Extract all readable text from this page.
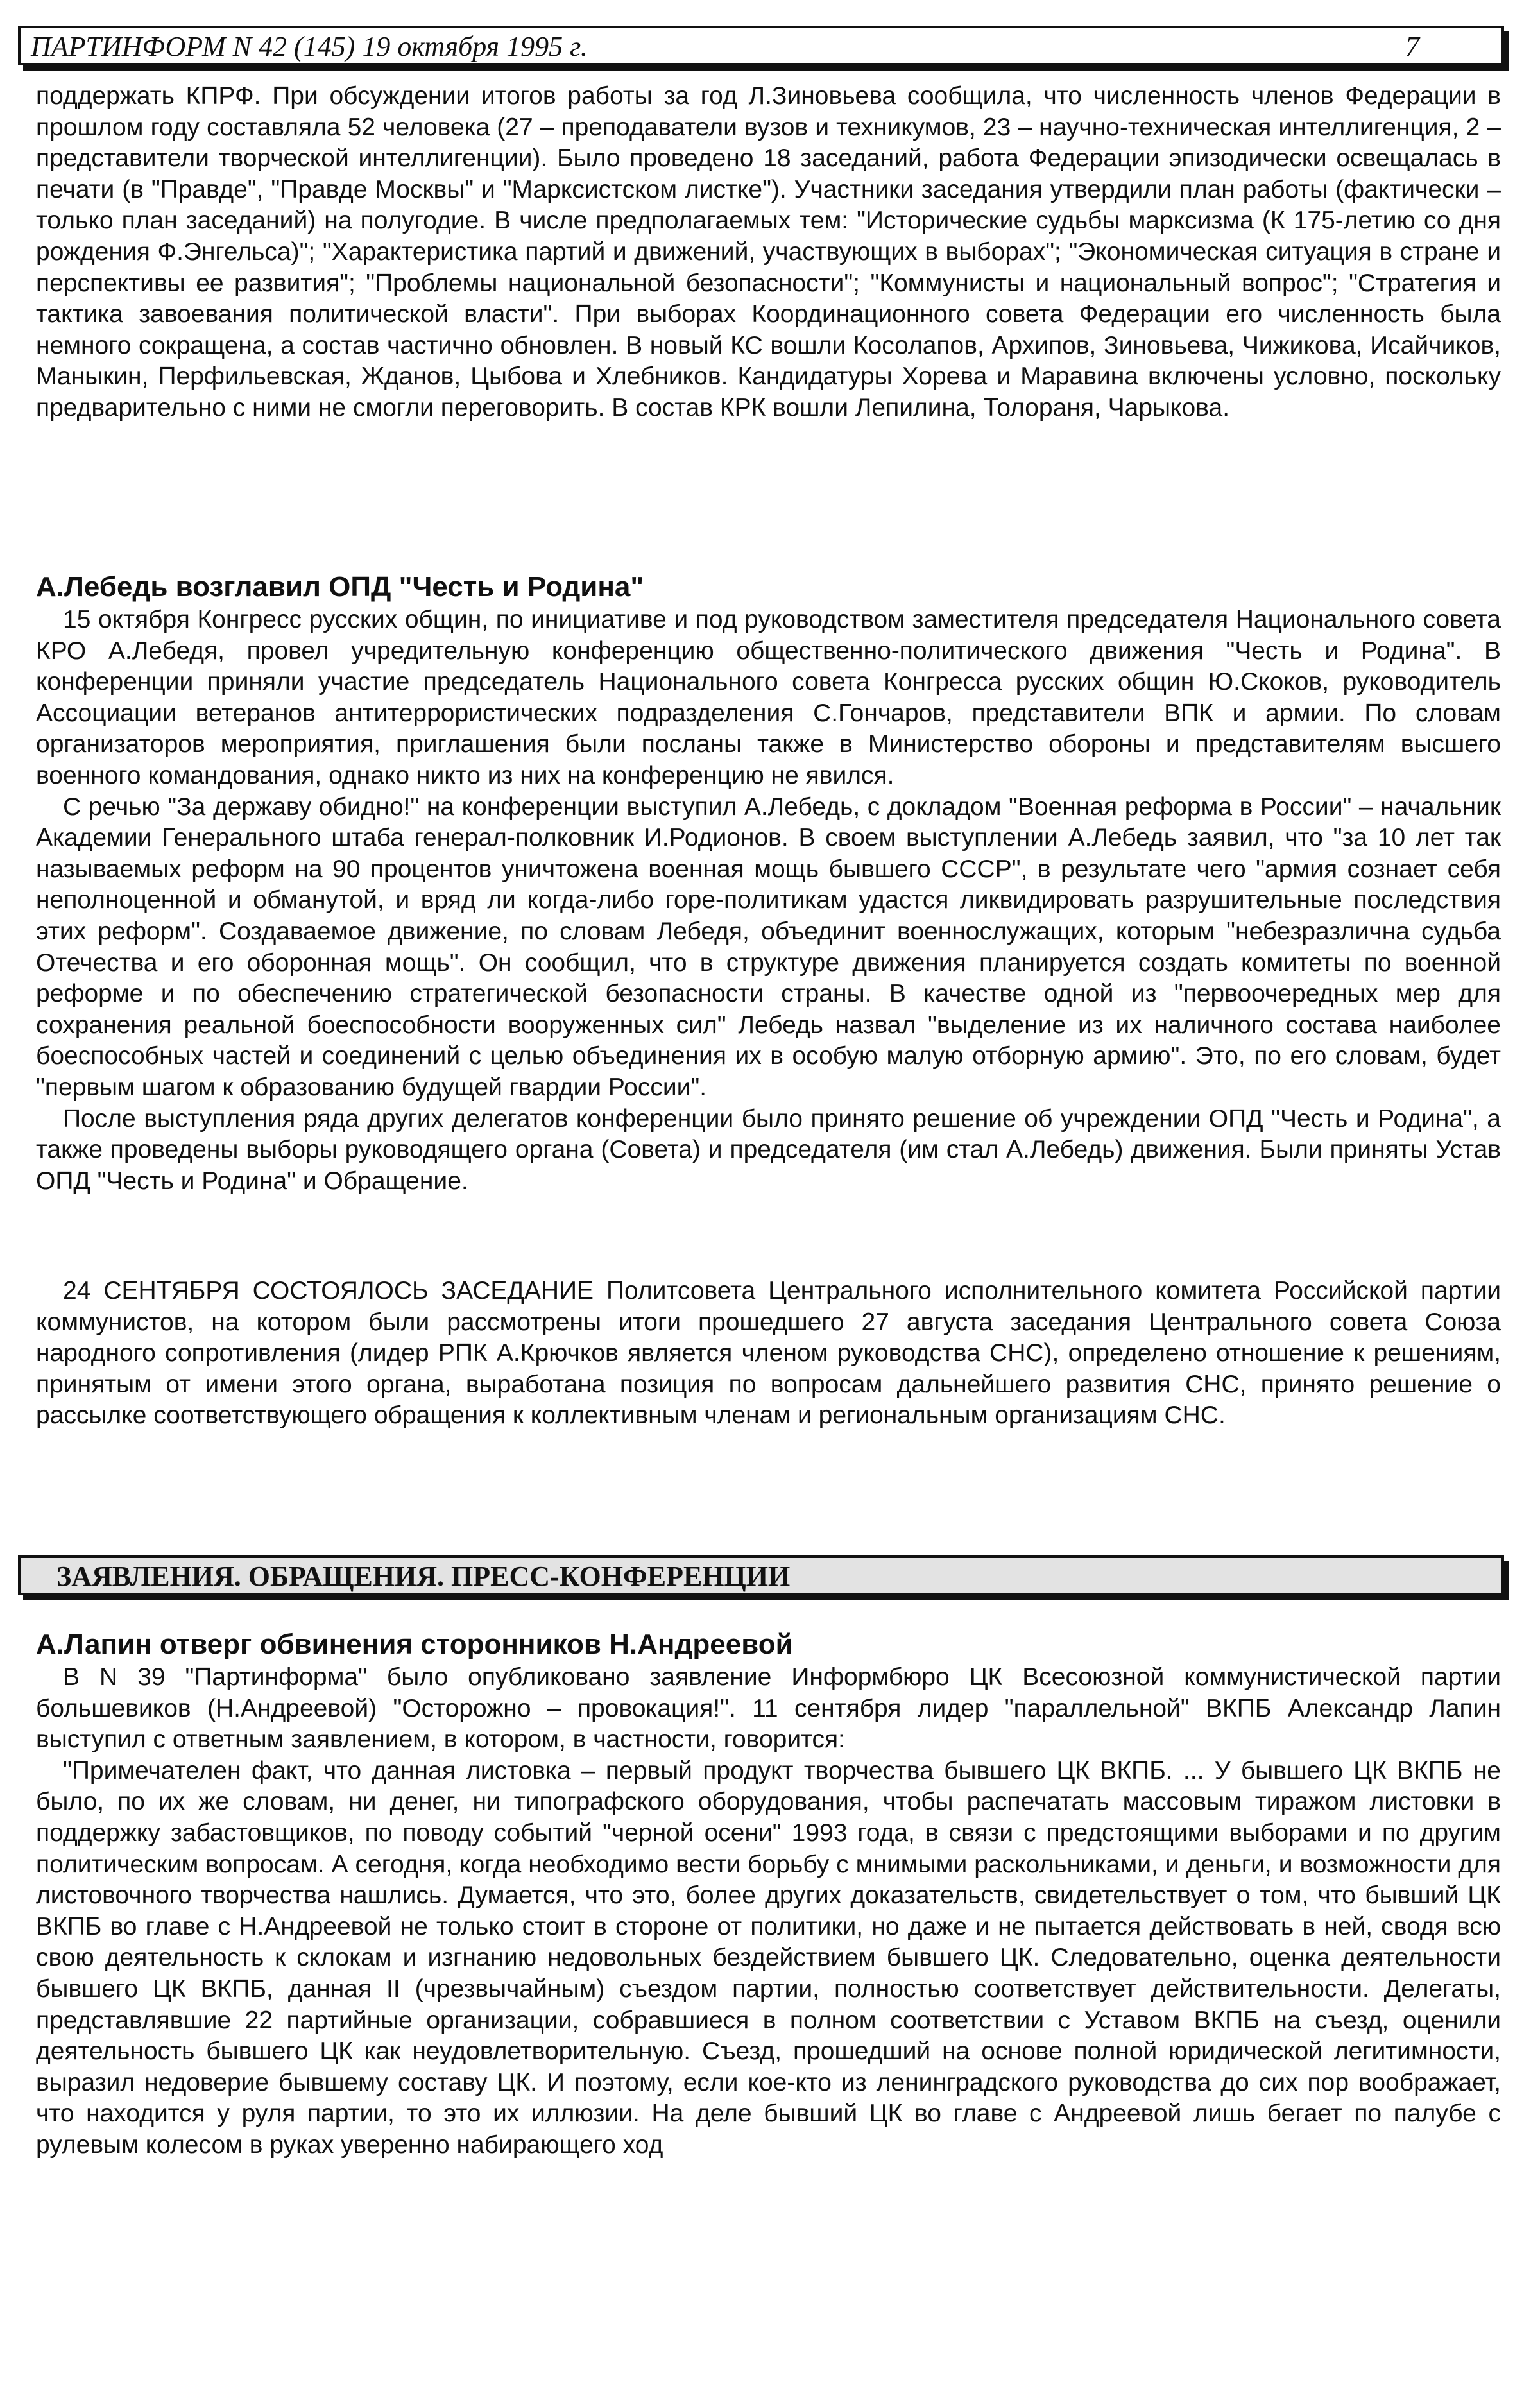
ПАРТИНФОРМ N 42 (145) 19 октября 1995 г.	7

поддержать КПРФ. При обсуждении итогов работы за год Л.Зиновьева сообщила, что численность членов Федерации в прошлом году составляла 52 человека (27 – преподаватели вузов и техникумов, 23 – научно-техническая интеллигенция, 2 – представители творческой интеллигенции). Было проведено 18 заседаний, работа Федерации эпизодически освещалась в печати (в "Правде", "Правде Москвы" и "Марксистском листке"). Участники заседания утвердили план работы (фактически – только план заседаний) на полугодие. В числе предполагаемых тем: "Исторические судьбы марксизма (К 175-летию со дня рождения Ф.Энгельса)"; "Характеристика партий и движений, участвующих в выборах"; "Экономическая ситуация в стране и перспективы ее развития"; "Проблемы национальной безопасности"; "Коммунисты и национальный вопрос"; "Стратегия и тактика завоевания политической власти". При выборах Координационного совета Федерации его численность была немного сокращена, а состав частично обновлен. В новый КС вошли Косолапов, Архипов, Зиновьева, Чижикова, Исайчиков, Маныкин, Перфильевская, Жданов, Цыбова и Хлебников. Кандидатуры Хорева и Маравина включены условно, поскольку предварительно с ними не смогли переговорить. В состав КРК вошли Лепилина, Толораня, Чарыкова.

А.Лебедь возглавил ОПД "Честь и Родина"

15 октября Конгресс русских общин, по инициативе и под руководством заместителя председателя Национального совета КРО А.Лебедя, провел учредительную конференцию общественно-политического движения "Честь и Родина". В конференции приняли участие председатель Национального совета Конгресса русских общин Ю.Скоков, руководитель Ассоциации ветеранов антитеррористических подразделения С.Гончаров, представители ВПК и армии. По словам организаторов мероприятия, приглашения были посланы также в Министерство обороны и представителям высшего военного командования, однако никто из них на конференцию не явился.

С речью "За державу обидно!" на конференции выступил А.Лебедь, с докладом "Военная реформа в России" – начальник Академии Генерального штаба генерал-полковник И.Родионов. В своем выступлении А.Лебедь заявил, что "за 10 лет так называемых реформ на 90 процентов уничтожена военная мощь бывшего СССР", в результате чего "армия сознает себя неполноценной и обманутой, и вряд ли когда-либо горе-политикам удастся ликвидировать разрушительные последствия этих реформ". Создаваемое движение, по словам Лебедя, объединит военнослужащих, которым "небезразлична судьба Отечества и его оборонная мощь". Он сообщил, что в структуре движения планируется создать комитеты по военной реформе и по обеспечению стратегической безопасности страны. В качестве одной из "первоочередных мер для сохранения реальной боеспособности вооруженных сил" Лебедь назвал "выделение из их наличного состава наиболее боеспособных частей и соединений с целью объединения их в особую малую отборную армию". Это, по его словам, будет "первым шагом к образованию будущей гвардии России".

После выступления ряда других делегатов конференции было принято решение об учреждении ОПД "Честь и Родина", а также проведены выборы руководящего органа (Совета) и председателя (им стал А.Лебедь) движения. Были приняты Устав ОПД "Честь и Родина" и Обращение.

24 СЕНТЯБРЯ СОСТОЯЛОСЬ ЗАСЕДАНИЕ Политсовета Центрального исполнительного комитета Российской партии коммунистов, на котором были рассмотрены итоги прошедшего 27 августа заседания Центрального совета Союза народного сопротивления (лидер РПК А.Крючков является членом руководства СНС), определено отношение к решениям, принятым от имени этого органа, выработана позиция по вопросам дальнейшего развития СНС, принято решение о рассылке соответствующего обращения к коллективным членам и региональным организациям СНС.

ЗАЯВЛЕНИЯ. ОБРАЩЕНИЯ. ПРЕСС-КОНФЕРЕНЦИИ

А.Лапин отверг обвинения сторонников Н.Андреевой

В N 39 "Партинформа" было опубликовано заявление Информбюро ЦК Всесоюзной коммунистической партии большевиков (Н.Андреевой) "Осторожно – провокация!". 11 сентября лидер "параллельной" ВКПБ Александр Лапин выступил с ответным заявлением, в котором, в частности, говорится:

"Примечателен факт, что данная листовка – первый продукт творчества бывшего ЦК ВКПБ. ... У бывшего ЦК ВКПБ не было, по их же словам, ни денег, ни типографского оборудования, чтобы распечатать массовым тиражом листовки в поддержку забастовщиков, по поводу событий "черной осени" 1993 года, в связи с предстоящими выборами и по другим политическим вопросам. А сегодня, когда необходимо вести борьбу с мнимыми раскольниками, и деньги, и возможности для листовочного творчества нашлись. Думается, что это, более других доказательств, свидетельствует о том, что бывший ЦК ВКПБ во главе с Н.Андреевой не только стоит в стороне от политики, но даже и не пытается действовать в ней, сводя всю свою деятельность к склокам и изгнанию недовольных бездействием бывшего ЦК. Следовательно, оценка деятельности бывшего ЦК ВКПБ, данная II (чрезвычайным) съездом партии, полностью соответствует действительности. Делегаты, представлявшие 22 партийные организации, собравшиеся в полном соответствии с Уставом ВКПБ на съезд, оценили деятельность бывшего ЦК как неудовлетворительную. Съезд, прошедший на основе полной юридической легитимности, выразил недоверие бывшему составу ЦК. И поэтому, если кое-кто из ленинградского руководства до сих пор воображает, что находится у руля партии, то это их иллюзии. На деле бывший ЦК во главе с Андреевой лишь бегает по палубе с рулевым колесом в руках уверенно набирающего ход
